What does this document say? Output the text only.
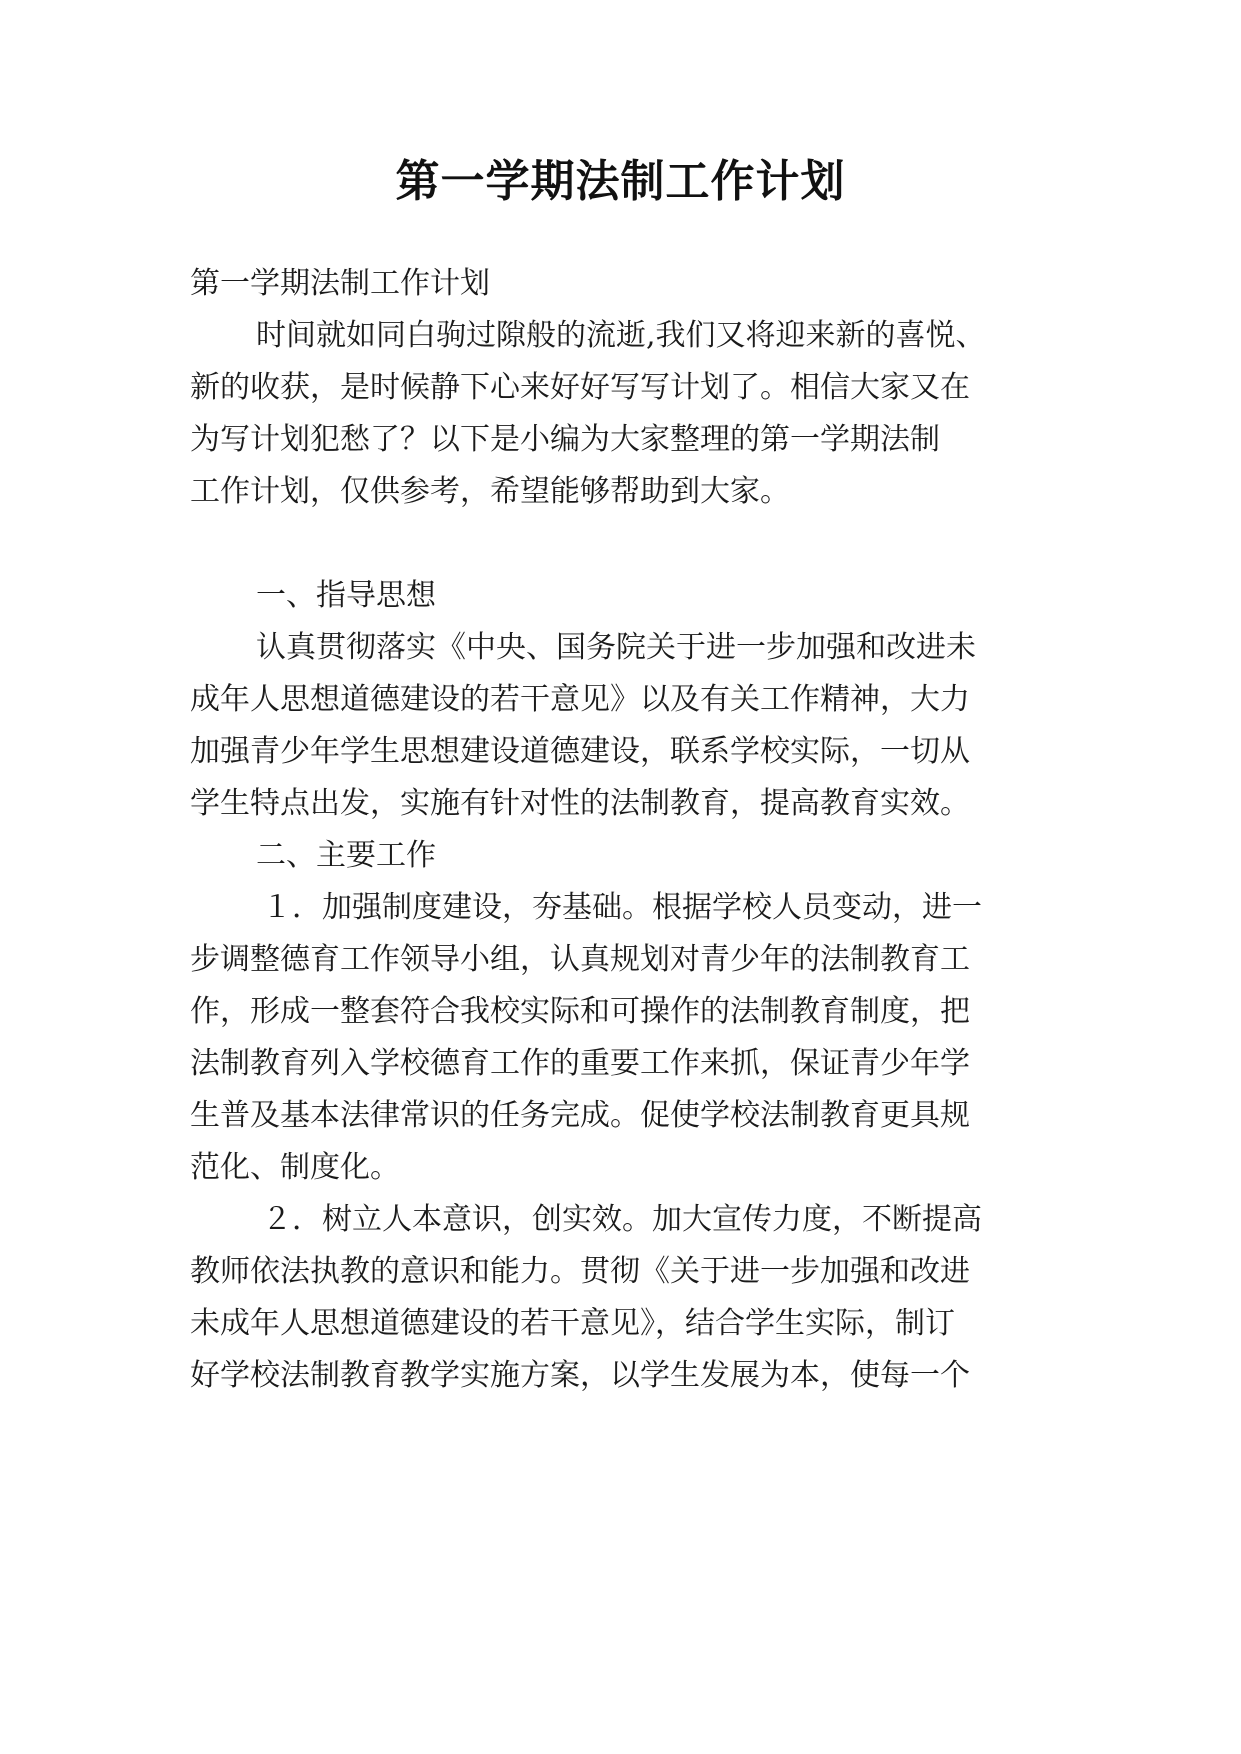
第一学期法制工作计划

第一学期法制工作计划

时间就如同白驹过隙般的流逝,我们又将迎来新的喜悦、

新的收获，是时候静下心来好好写写计划了。相信大家又在

为写计划犯愁了？以下是小编为大家整理的第一学期法制

工作计划，仅供参考，希望能够帮助到大家。

一、指导思想

认真贯彻落实《中央、国务院关于进一步加强和改进未

成年人思想道德建设的若干意见》以及有关工作精神，大力

加强青少年学生思想建设道德建设，联系学校实际，一切从

学生特点出发，实施有针对性的法制教育，提高教育实效。

二、主要工作

１．加强制度建设，夯基础。根据学校人员变动，进一

步调整德育工作领导小组，认真规划对青少年的法制教育工

作，形成一整套符合我校实际和可操作的法制教育制度，把

法制教育列入学校德育工作的重要工作来抓，保证青少年学

生普及基本法律常识的任务完成。促使学校法制教育更具规

范化、制度化。

２．树立人本意识，创实效。加大宣传力度，不断提高

教师依法执教的意识和能力。贯彻《关于进一步加强和改进

未成年人思想道德建设的若干意见》，结合学生实际，制订

好学校法制教育教学实施方案，以学生发展为本，使每一个
